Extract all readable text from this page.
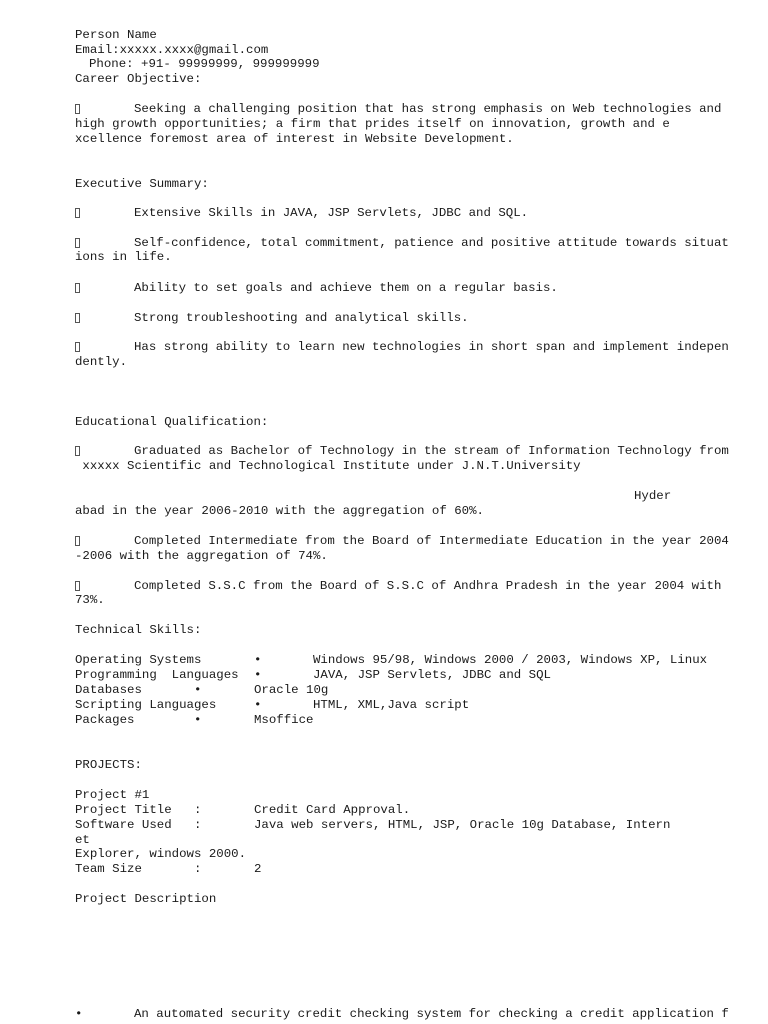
Person Name
Email:xxxxx.xxxx@gmail.com
Phone: +91- 99999999, 999999999
Career Objective:
Seeking a challenging position that has strong emphasis on Web technologies and
high growth opportunities; a firm that prides itself on innovation, growth and e
xcellence foremost area of interest in Website Development.
Executive Summary:
Extensive Skills in JAVA, JSP Servlets, JDBC and SQL.
Self-confidence, total commitment, patience and positive attitude towards situat
ions in life.
Ability to set goals and achieve them on a regular basis.
Strong troubleshooting and analytical skills.
Has strong ability to learn new technologies in short span and implement indepen
dently.
Educational Qualification:
Graduated as Bachelor of Technology in the stream of Information Technology from
xxxxx Scientific and Technological Institute under J.N.T.University
Hyder
abad in the year 2006-2010 with the aggregation of 60%.
Completed Intermediate from the Board of Intermediate Education in the year 2004
-2006 with the aggregation of 74%.
Completed S.S.C from the Board of S.S.C of Andhra Pradesh in the year 2004 with
73%.
Technical Skills:
Operating Systems	•	Windows 95/98, Windows 2000 / 2003, Windows XP, Linux
Programming  Languages •	JAVA, JSP Servlets, JDBC and SQL
Databases	•	Oracle 10g
Scripting Languages	•	HTML, XML,Java script
Packages	•	Msoffice
PROJECTS:
Project #1
Project Title   :	Credit Card Approval.
Software Used   :	Java web servers, HTML, JSP, Oracle 10g Database, Intern
et
Explorer, windows 2000.
Team Size       :	2
Project Description
•	An automated security credit checking system for checking a credit application f
